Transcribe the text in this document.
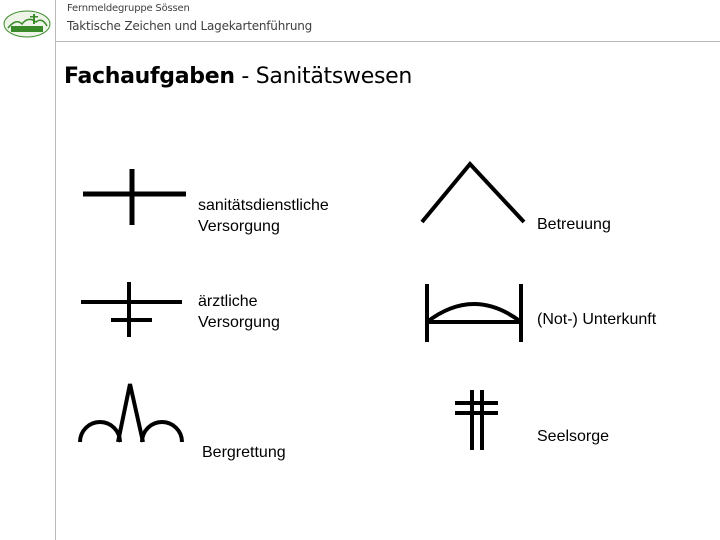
Fernmeldegruppe Sössen
Taktische Zeichen und Lagekartenführung
Fachaufgaben - Sanitätswesen
sanitätsdienstliche
Versorgung
ärztliche
Versorgung
Bergrettung
Betreuung
(Not-) Unterkunft
Seelsorge
